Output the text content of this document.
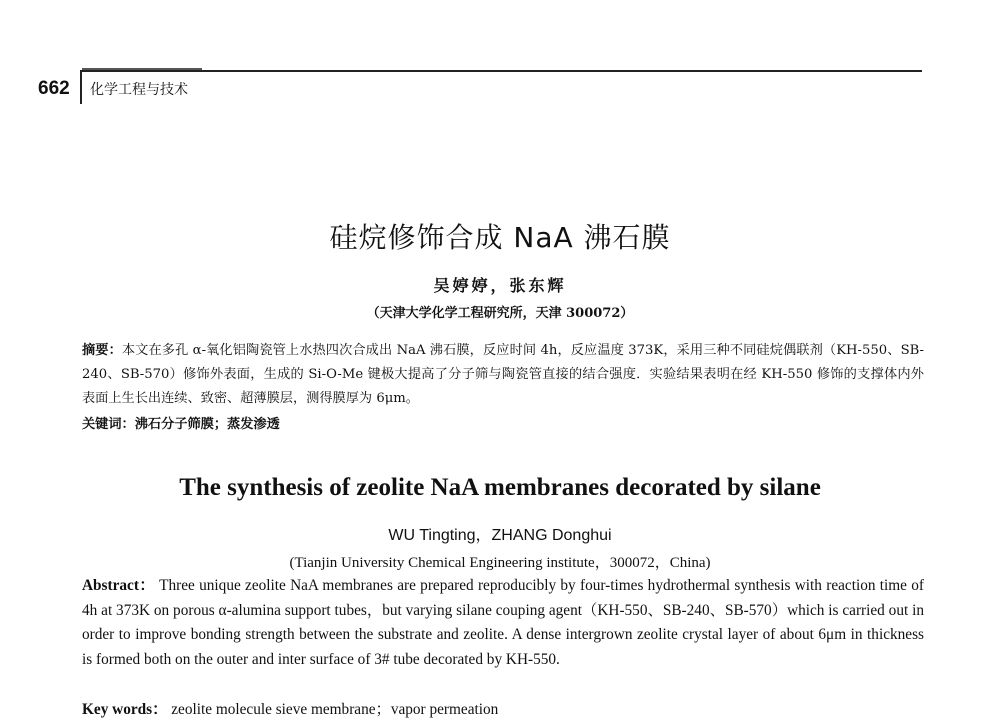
662 化学工程与技术
硅烷修饰合成 NaA 沸石膜
吴婷婷，张东辉
（天津大学化学工程研究所，天津 300072）
摘要：本文在多孔 α-氧化铝陶瓷管上水热四次合成出 NaA 沸石膜，反应时间 4h，反应温度 373K，采用三种不同硅烷偶联剂（KH-550、SB-240、SB-570）修饰外表面，生成的 Si-O-Me 键极大提高了分子筛与陶瓷管直接的结合强度．实验结果表明在经 KH-550 修饰的支撑体内外表面上生长出连续、致密、超薄膜层，测得膜厚为 6μm。
关键词：沸石分子筛膜；蒸发渗透
The synthesis of zeolite NaA membranes decorated by silane
WU Tingting，ZHANG Donghui
(Tianjin University Chemical Engineering institute，300072，China)
Abstract： Three unique zeolite NaA membranes are prepared reproducibly by four-times hydrothermal synthesis with reaction time of 4h at 373K on porous α-alumina support tubes，but varying silane couping agent（KH-550、SB-240、SB-570）which is carried out in order to improve bonding strength between the substrate and zeolite. A dense intergrown zeolite crystal layer of about 6μm in thickness is formed both on the outer and inter surface of 3# tube decorated by KH-550.
Key words： zeolite molecule sieve membrane；vapor permeation
